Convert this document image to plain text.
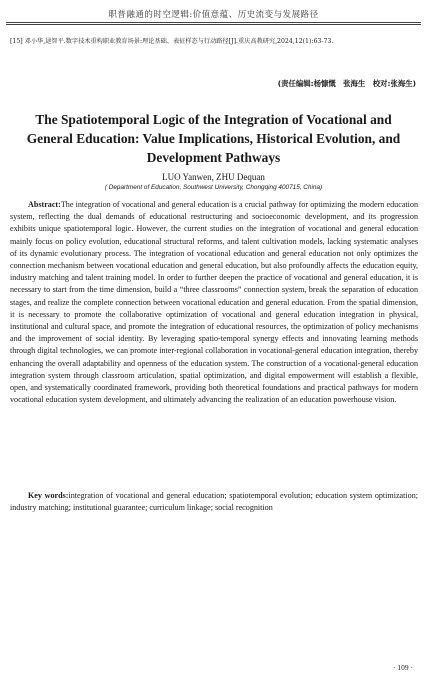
职普融通的时空逻辑:价值意蕴、历史流变与发展路径
[15] 邓小华,逯智平.数字技术重构职业教育场景:理论基础、表征样态与行动路径[J].重庆高教研究,2024,12(1):63-73.
(责任编辑:杨慷慨　张海生　校对:张海生)
The Spatiotemporal Logic of the Integration of Vocational and General Education: Value Implications, Historical Evolution, and Development Pathways
LUO Yanwen, ZHU Dequan
( Department of Education, Southwest University, Chongqing 400715, China)

Abstract:The integration of vocational and general education is a crucial pathway for optimizing the modern education system, reflecting the dual demands of educational restructuring and socioeconomic development, and its progression exhibits unique spatiotemporal logic. However, the current studies on the integration of vocational and general education mainly focus on policy evolution, educational structural reforms, and talent cultivation models, lacking systematic analyses of its dynamic evolutionary process. The integration of vocational education and general education not only optimizes the connection mechanism between vocational education and general education, but also profoundly affects the education equity, industry matching and talent training model. In order to further deepen the practice of vocational and general education, it is necessary to start from the time dimension, build a “three classrooms” connection system, break the separation of education stages, and realize the complete connection between vocational education and general education. From the spatial dimension, it is necessary to promote the collaborative optimization of vocational and general education integration in physical, institutional and cultural space, and promote the integration of educational resources, the optimization of policy mechanisms and the improvement of social identity. By leveraging spatio-temporal synergy effects and innovating learning methods through digital technologies, we can promote inter-regional collaboration in vocational-general education integration, thereby enhancing the overall adaptability and openness of the education system. The construction of a vocational-general education integration system through classroom articulation, spatial optimization, and digital empowerment will establish a flexible, open, and systematically coordinated framework, providing both theoretical foundations and practical pathways for modern vocational education system development, and ultimately advancing the realization of an education powerhouse vision.

Key words:integration of vocational and general education; spatiotemporal evolution; education system optimization; industry matching; institutional guarantee; curriculum linkage; social recognition

· 109 ·
